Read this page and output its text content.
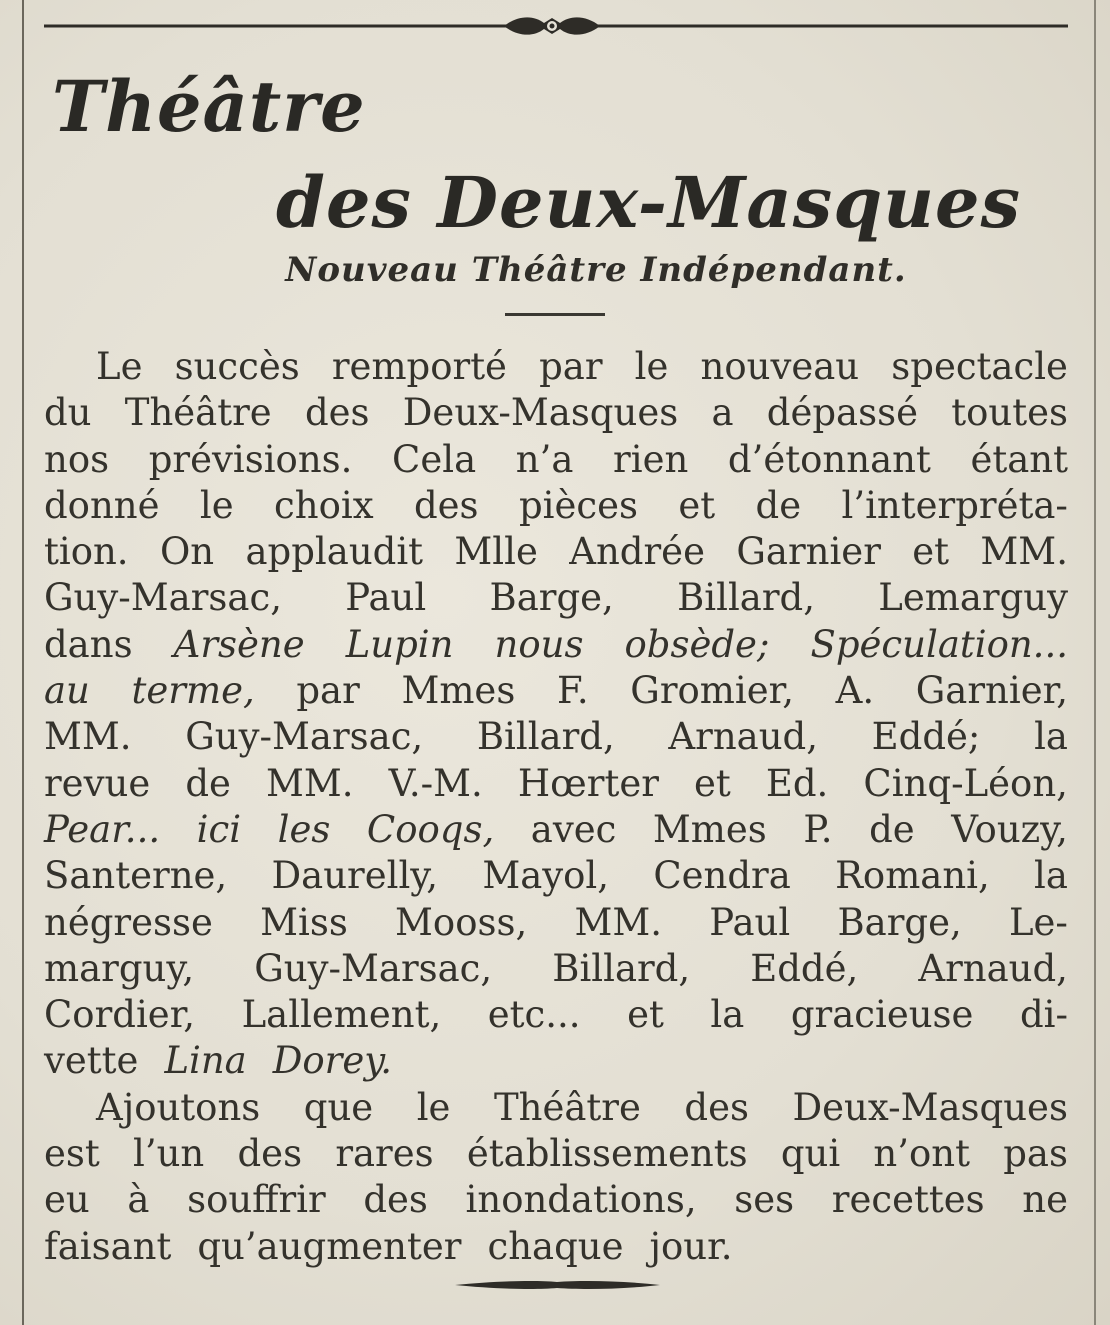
Théâtre
des Deux-Masques
Nouveau Théâtre Indépendant.
Le succès remporté par le nouveau spectacle
du Théâtre des Deux-Masques a dépassé toutes
nos prévisions. Cela n’a rien d’étonnant étant
donné le choix des pièces et de l’interpréta-
tion. On applaudit Mlle Andrée Garnier et MM.
Guy-Marsac, Paul Barge, Billard, Lemarguy
dans Arsène Lupin nous obsède; Spéculation...
au terme, par Mmes F. Gromier, A. Garnier,
MM. Guy-Marsac, Billard, Arnaud, Eddé; la
revue de MM. V.-M. Hœrter et Ed. Cinq-Léon,
Pear... ici les Cooqs, avec Mmes P. de Vouzy,
Santerne, Daurelly, Mayol, Cendra Romani, la
négresse Miss Mooss, MM. Paul Barge, Le-
marguy, Guy-Marsac, Billard, Eddé, Arnaud,
Cordier, Lallement, etc... et la gracieuse di-
vette Lina Dorey.
Ajoutons que le Théâtre des Deux-Masques
est l’un des rares établissements qui n’ont pas
eu à souffrir des inondations, ses recettes ne
faisant qu’augmenter chaque jour.
